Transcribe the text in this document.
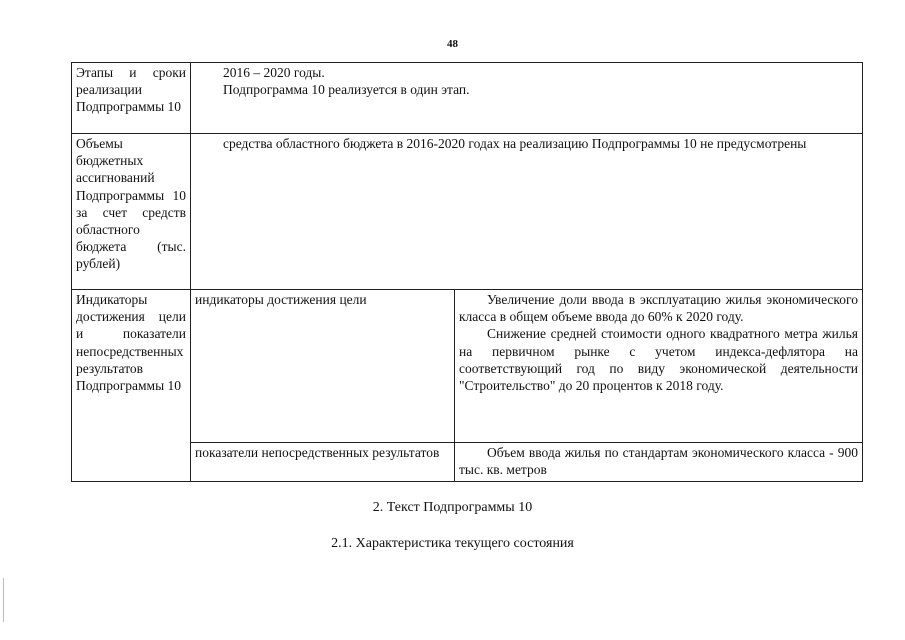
48
Этапы и сроки реализации Подпрограммы 10	2016 – 2020 годы.

Подпрограмма 10 реализуется в один этап.	

Объемы бюджетных ассигнований Подпрограммы 10 за счет средств областного бюджета (тыс. рублей)	средства областного бюджета в 2016-2020 годах на реализацию Подпрограммы 10 не предусмотрены	

Индикаторы достижения цели и показатели непосредственных результатов Подпрограммы 10	индикаторы достижения цели	Увеличение доли ввода в эксплуатацию жилья экономического класса в общем объеме ввода до 60% к 2020 году.

Снижение средней стоимости одного квадратного метра жилья на первичном рынке с учетом индекса-дефлятора на соответствующий год по виду экономической деятельности "Строительство" до 20 процентов к 2018 году.

	показатели непосредственных результатов	Объем ввода жилья по стандартам экономического класса - 900 тыс. кв. метров

2. Текст Подпрограммы 10
2.1. Характеристика текущего состояния
